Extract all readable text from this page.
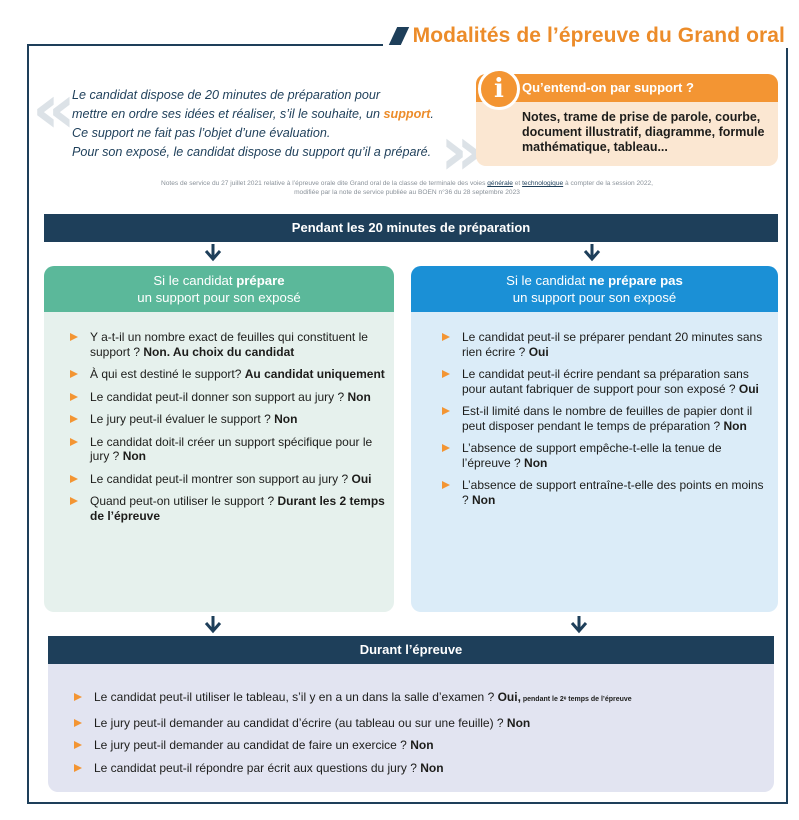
Modalités de l’épreuve du Grand oral
«
»
Le candidat dispose de 20 minutes de préparation pour
mettre en ordre ses idées et réaliser, s’il le souhaite, un support.
Ce support ne fait pas l’objet d’une évaluation.
Pour son exposé, le candidat dispose du support qu’il a préparé.
i	Qu’entend-on par support ?
Notes, trame de prise de parole, courbe, document illustratif, diagramme, formule mathématique, tableau...
Notes de service du 27 juillet 2021 relative à l’épreuve orale dite Grand oral de la classe de terminale des voies générale et technologique à compter de la session 2022,
modifiée par la note de service publiée au BOEN n°36 du 28 septembre 2023
Pendant les 20 minutes de préparation
Si le candidat prépare
un support pour son exposé
Y a-t-il un nombre exact de feuilles qui constituent le support ? Non. Au choix du candidat
À qui est destiné le support? Au candidat uniquement
Le candidat peut-il donner son support au jury ? Non
Le jury peut-il évaluer le support ? Non
Le candidat doit-il créer un support spécifique pour le jury ? Non
Le candidat peut-il montrer son support au jury ? Oui
Quand peut-on utiliser le support ? Durant les 2 temps de l’épreuve
Si le candidat ne prépare pas
un support pour son exposé
Le candidat peut-il se préparer pendant 20 minutes sans rien écrire ? Oui
Le candidat peut-il écrire pendant sa préparation sans pour autant fabriquer de support pour son exposé ? Oui
Est-il limité dans le nombre de feuilles de papier dont il peut disposer pendant le temps de préparation ? Non
L’absence de support empêche-t-elle la tenue de l’épreuve ? Non
L’absence de support entraîne-t-elle des points en moins ? Non
Durant l’épreuve
Le candidat peut-il utiliser le tableau, s’il y en a un dans la salle d’examen ? Oui, pendant le 2ᵉ temps de l’épreuve
Le jury peut-il demander au candidat d’écrire (au tableau ou sur une feuille) ? Non
Le jury peut-il demander au candidat de faire un exercice ? Non
Le candidat peut-il répondre par écrit aux questions du jury ? Non
